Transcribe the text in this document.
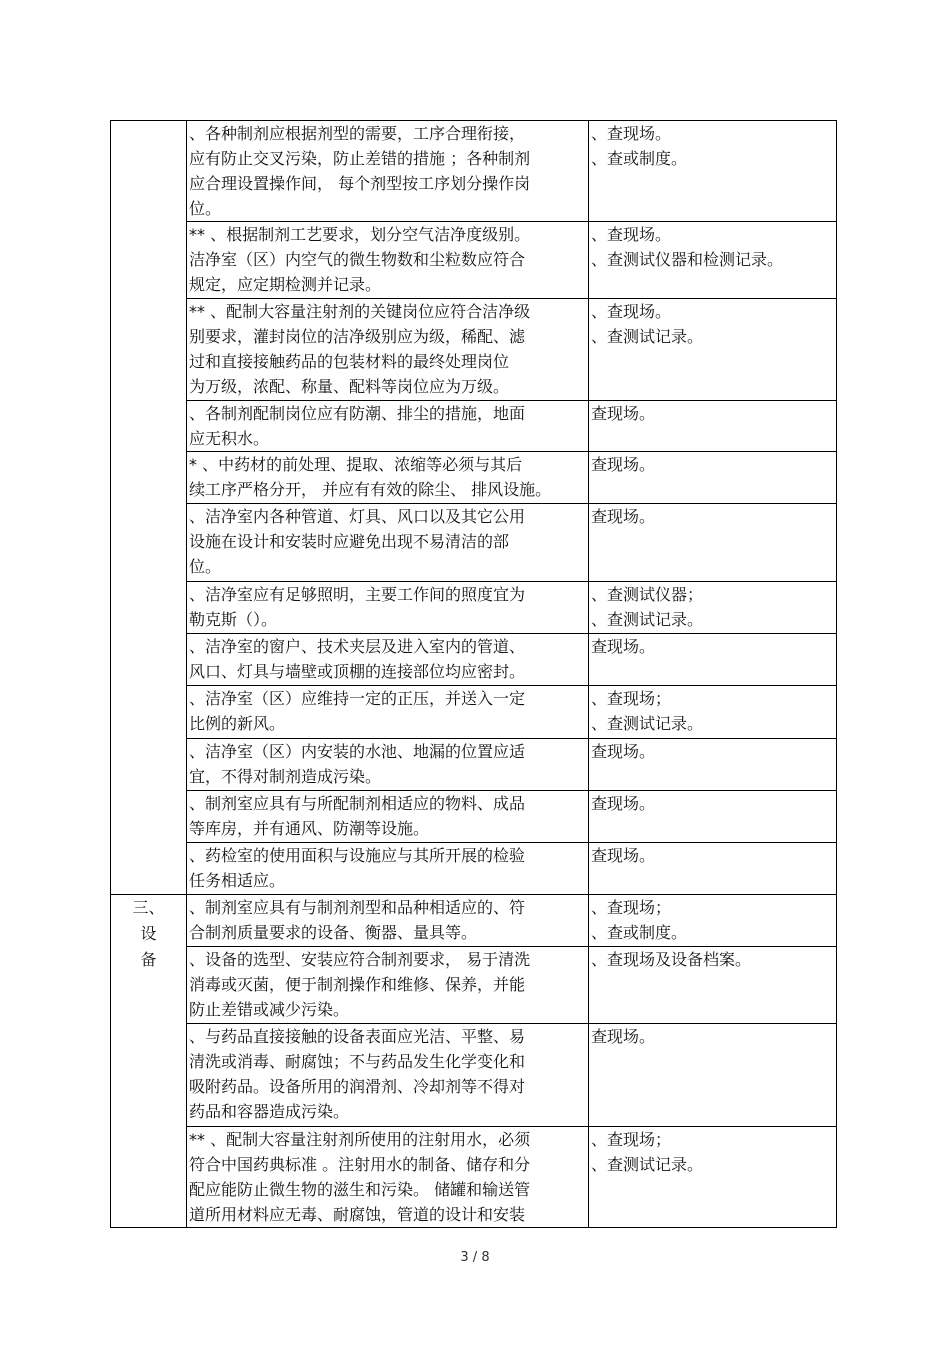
	、各种制剂应根据剂型的需要，工序合理衔接，
应有防止交叉污染，防止差错的措施 ；各种制剂
应合理设置操作间， 每个剂型按工序划分操作岗
位。	、查现场。
、查或制度。

	** 、根据制剂工艺要求，划分空气洁净度级别。
洁净室（区）内空气的微生物数和尘粒数应符合
规定，应定期检测并记录。	、查现场。
、查测试仪器和检测记录。

	** 、配制大容量注射剂的关键岗位应符合洁净级
别要求，灌封岗位的洁净级别应为级，稀配、滤
过和直接接触药品的包装材料的最终处理岗位
为万级，浓配、称量、配料等岗位应为万级。	、查现场。
、查测试记录。

	、各制剂配制岗位应有防潮、排尘的措施，地面
应无积水。	查现场。

	* 、中药材的前处理、提取、浓缩等必须与其后
续工序严格分开， 并应有有效的除尘、 排风设施。	查现场。

	、洁净室内各种管道、灯具、风口以及其它公用
设施在设计和安装时应避免出现不易清洁的部
位。	查现场。

	、洁净室应有足够照明，主要工作间的照度宜为
勒克斯（）。	、查测试仪器；
、查测试记录。

	、洁净室的窗户、技术夹层及进入室内的管道、
风口、灯具与墙壁或顶棚的连接部位均应密封。	查现场。

	、洁净室（区）应维持一定的正压，并送入一定
比例的新风。	、查现场；
、查测试记录。

	、洁净室（区）内安装的水池、地漏的位置应适
宜，不得对制剂造成污染。	查现场。

	、制剂室应具有与所配制剂相适应的物料、成品
等库房，并有通风、防潮等设施。	查现场。

	、药检室的使用面积与设施应与其所开展的检验
任务相适应。	查现场。

三、
设
备	、制剂室应具有与制剂剂型和品种相适应的、符
合制剂质量要求的设备、衡器、量具等。	、查现场；
、查或制度。

	、设备的选型、安装应符合制剂要求， 易于清洗
消毒或灭菌，便于制剂操作和维修、保养，并能
防止差错或减少污染。	、查现场及设备档案。

	、与药品直接接触的设备表面应光洁、平整、易
清洗或消毒、耐腐蚀；不与药品发生化学变化和
吸附药品。设备所用的润滑剂、冷却剂等不得对
药品和容器造成污染。	查现场。

	** 、配制大容量注射剂所使用的注射用水，必须
符合中国药典标准 。注射用水的制备、储存和分
配应能防止微生物的滋生和污染。 储罐和输送管
道所用材料应无毒、耐腐蚀，管道的设计和安装	、查现场；
、查测试记录。
3 / 8
